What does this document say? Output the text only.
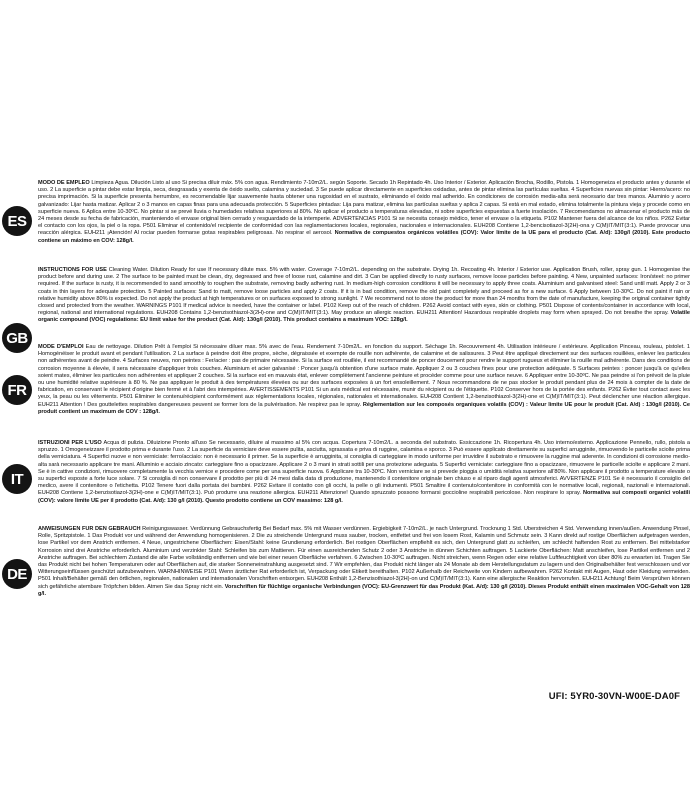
ES

MODO DE EMPLEO Limpieza Agua. Dilución Listo al uso Si precisa diluir máx. 5% con agua. Rendimiento 7-10m2/L. según Soporte. Secado 1h Repintado 4h. Uso Interior / Exterior. Aplicación Brocha, Rodillo, Pistola. 1 Homogeneiza el producto antes y durante el uso. 2 La superficie a pintar debe estar limpia, seca, desgrasada y exenta de óxido suelto, calamina y suciedad. 3 Se puede aplicar directamente en superficies oxidadas, antes de pintar elimina las partículas sueltas. 4 Superficies nuevas sin pintar: Hierro/acero: no precisa imprimación. Si la superficie presenta herrumbre, es recomendable lijar suavemente hasta obtener una rugosidad en el sustrato, eliminando el óxido mal adherido. En condiciones de corrosión media-alta será necesario dar tres manos. Aluminio y acero galvanizado: Lijar hasta matizar. Aplicar 2 o 3 manos en capas finas para una adecuada protección. 5 Superficies pintadas: Lija para matizar, elimina las partículas sueltas y aplica 2 capas. Si está en mal estado, elimina totalmente la pintura vieja y procede como en superficie nueva. 6 Aplica entre 10-30ºC. No pintar si se prevé lluvia o humedades relativas superiores al 80%. No aplicar el producto a temperaturas elevadas, ni sobre superficies expuestas a fuerte insolación. 7 Recomendamos no almacenar el producto más de 24 meses desde su fecha de fabricación, manteniendo el envase original bien cerrado y resguardado de la intemperie. ADVERTENCIAS P101 Si se necesita consejo médico, tener el envase o la etiqueta. P102 Mantener fuera del alcance de los niños. P262 Evitar el contacto con los ojos, la piel o la ropa. P501 Eliminar el contenido/el recipiente de conformidad con las reglamentaciones locales, regionales, nacionales e internacionales. EUH208 Contiene 1,2-bencisotiazol-3(2H)-ona y C(M)IT/MIT(3:1). Puede provocar una reacción alérgica. EUH211 ¡Atención! Al rociar pueden formarse gotas respirables peligrosas. No respirar el aerosol. Normativa de compuestos orgánicos volátiles (COV): Valor límite de la UE para el producto (Cat. A/d): 130g/l (2010). Este producto contiene un máximo en COV: 128g/l.

GB

INSTRUCTIONS FOR USE Cleaning Water. Dilution Ready for use If necessary dilute max. 5% with water. Coverage 7-10m2/L. depending on the substrate. Drying 1h. Recoating 4h. Interior / Exterior use. Application Brush, roller, spray gun. 1 Homogenise the product before and during use. 2 The surface to be painted must be clean, dry, degreased and free of loose rust, calamine and dirt. 3 Can be applied directly to rusty surfaces, remove loose particles before painting. 4 New, unpainted surfaces: Iron/steel: no primer required. If the surface is rusty, it is recommended to sand smoothly to roughen the substrate, removing badly adhering rust. In medium-high corrosion conditions it will be necessary to apply three coats. Aluminium and galvanised steel: Sand until matt. Apply 2 or 3 coats in thin layers for adequate protection. 5 Painted surfaces: Sand to matt, remove loose particles and apply 2 coats. If it is in bad condition, remove the old paint completely and proceed as for a new surface. 6 Apply between 10-30ºC. Do not paint if rain or relative humidity above 80% is expected. Do not apply the product at high temperatures or on surfaces exposed to strong sunlight. 7 We recommend not to store the product for more than 24 months from the date of manufacture, keeping the original container tightly closed and protected from the weather. WARNINGS P101 If medical advice is needed, have the container or label. P102 Keep out of the reach of children. P262 Avoid contact with eyes, skin or clothing. P501 Dispose of contents/container in accordance with local, regional, national and international regulations. EUH208 Contains 1,2-benzisothiazol-3(2H)-one and C(M)IT/MIT(3:1). May produce an allergic reaction. EUH211 Attention! Hazardous respirable droplets may form when sprayed. Do not breathe the spray. Volatile organic compound (VOC) regulations: EU limit value for the product (Cat. A/d): 130g/l (2010). This product contains a maximum VOC: 128g/l.

FR

MODE D'EMPLOI Eau de nettoyage. Dilution Prêt à l'emploi Si nécessaire diluer max. 5% avec de l'eau. Rendement 7-10m2/L. en fonction du support. Séchage 1h. Recouvrement 4h. Utilisation intérieure / extérieure. Application Pinceau, rouleau, pistolet. 1 Homogénéiser le produit avant et pendant l'utilisation. 2 La surface à peindre doit être propre, sèche, dégraissée et exempte de rouille non adhérente, de calamine et de salissures. 3 Peut être appliqué directement sur des surfaces rouillées, enlever les particules non adhérentes avant de peindre. 4 Surfaces neuves, non peintes : Fer/acier : pas de primaire nécessaire. Si la surface est rouillée, il est recommandé de poncer doucement pour rendre le support rugueux et éliminer la rouille mal adhérente. Dans des conditions de corrosion moyenne à élevée, il sera nécessaire d'appliquer trois couches. Aluminium et acier galvanisé : Poncer jusqu'à obtention d'une surface mate. Appliquer 2 ou 3 couches fines pour une protection adéquate. 5 Surfaces peintes : poncer jusqu'à ce qu'elles soient mates, éliminer les particules non adhérentes et appliquer 2 couches. Si la surface est en mauvais état, enlever complètement l'ancienne peinture et procéder comme pour une surface neuve. 6 Appliquer entre 10-30ºC. Ne pas peindre si l'on prévoit de la pluie ou une humidité relative supérieure à 80 %. Ne pas appliquer le produit à des températures élevées ou sur des surfaces exposées à un fort ensoleillement. 7 Nous recommandons de ne pas stocker le produit pendant plus de 24 mois à compter de la date de fabrication, en conservant le récipient d'origine bien fermé et à l'abri des intempéries. AVERTISSEMENTS P101 Si un avis médical est nécessaire, munir du récipient ou de l'étiquette. P102 Conserver hors de la portée des enfants. P262 Éviter tout contact avec les yeux, la peau ou les vêtements. P501 Éliminer le contenu/récipient conformément aux réglementations locales, régionales, nationales et internationales. EUH208 Contient 1,2-benzisothiazol-3(2H)-one et C(M)IT/MIT(3:1). Peut déclencher une réaction allergique. EUH211 Attention ! Des gouttelettes respirables dangereuses peuvent se former lors de la pulvérisation. Ne respirez pas le spray. Réglementation sur les composés organiques volatils (COV) : Valeur limite UE pour le produit (Cat. A/d) : 130g/l (2010). Ce produit contient un maximum de COV : 128g/l.

IT

ISTRUZIONI PER L'USO Acqua di pulizia. Diluizione Pronto all'uso Se necessario, diluire al massimo al 5% con acqua. Copertura 7-10m2/L. a seconda del substrato. Essiccazione 1h. Ricopertura 4h. Uso interno/esterno. Applicazione Pennello, rullo, pistola a spruzzo. 1 Omogeneizzare il prodotto prima e durante l'uso. 2 La superficie da verniciare deve essere pulita, asciutta, sgrassata e priva di ruggine, calamina e sporco. 3 Può essere applicato direttamente su superfici arrugginite, rimuovendo le particelle sciolte prima della verniciatura. 4 Superfici nuove e non verniciate: ferro/acciaio: non è necessario il primer. Se la superficie è arrugginita, si consiglia di carteggiare in modo uniforme per irruvidire il substrato e rimuovere la ruggine mal aderente. In condizioni di corrosione medio-alta sarà necessario applicare tre mani. Alluminio e acciaio zincato: carteggiare fino a opacizzare. Applicare 2 o 3 mani in strati sottili per una protezione adeguata. 5 Superfici verniciate: carteggiare fino a opacizzare, rimuovere le particelle sciolte e applicare 2 mani. Se è in cattive condizioni, rimuovere completamente la vecchia vernice e procedere come per una superficie nuova. 6 Applicare tra 10-30ºC. Non verniciare se si prevede pioggia o umidità relativa superiore all'80%. Non applicare il prodotto a temperature elevate o su superfici esposte a forte luce solare. 7 Si consiglia di non conservare il prodotto per più di 24 mesi dalla data di produzione, mantenendo il contenitore originale ben chiuso e al riparo dagli agenti atmosferici. AVVERTENZE P101 Se è necessario il consiglio del medico, avere il contenitore o l'etichetta. P102 Tenere fuori dalla portata dei bambini. P262 Evitare il contatto con gli occhi, la pelle o gli indumenti. P501 Smaltire il contenuto/contenitore in conformità con le normative locali, regionali, nazionali e internazionali. EUH208 Contiene 1,2-benzisotiazol-3(2H)-one e C(M)IT/MIT(3:1). Può produrre una reazione allergica. EUH211 Attenzione! Quando spruzzato possono formarsi goccioline respirabili pericolose. Non respirare lo spray. Normativa sui composti organici volatili (COV): valore limite UE per il prodotto (Cat. A/d): 130 g/l (2010). Questo prodotto contiene un COV massimo: 128 g/l.

DE

ANWEISUNGEN FÜR DEN GEBRAUCH Reinigungswasser. Verdünnung Gebrauchsfertig Bei Bedarf max. 5% mit Wasser verdünnen. Ergiebigkeit 7-10m2/L. je nach Untergrund. Trocknung 1 Std. Überstreichen 4 Std. Verwendung innen/außen. Anwendung Pinsel, Rolle, Spritzpistole. 1 Das Produkt vor und während der Anwendung homogenisieren. 2 Die zu streichende Untergrund muss sauber, trocken, entfettet und frei von losem Rost, Kalamin und Schmutz sein. 3 Kann direkt auf rostige Oberflächen aufgetragen werden, lose Partikel vor dem Anstrich entfernen. 4 Neue, ungestrichene Oberflächen: Eisen/Stahl: keine Grundierung erforderlich. Bei rostigen Oberflächen empfiehlt es sich, den Untergrund glatt zu schleifen, um schlecht haftenden Rost zu entfernen. Bei mittelstarker Korrosion sind drei Anstriche erforderlich. Aluminium und verzinkter Stahl: Schleifen bis zum Mattieren. Für einen ausreichenden Schutz 2 oder 3 Anstriche in dünnen Schichten auftragen. 5 Lackierte Oberflächen: Matt anschleifen, lose Partikel entfernen und 2 Anstriche auftragen. Bei schlechtem Zustand die alte Farbe vollständig entfernen und wie bei einer neuen Oberfläche verfahren. 6 Zwischen 10-30ºC auftragen. Nicht streichen, wenn Regen oder eine relative Luftfeuchtigkeit von über 80% zu erwarten ist. Tragen Sie das Produkt nicht bei hohen Temperaturen oder auf Oberflächen auf, die starker Sonneneinstrahlung ausgesetzt sind. 7 Wir empfehlen, das Produkt nicht länger als 24 Monate ab dem Herstellungsdatum zu lagern und den Originalbehälter fest verschlossen und vor Witterungseinflüssen geschützt aufzubewahren. WARNHINWEISE P101 Wenn ärztlicher Rat erforderlich ist, Verpackung oder Etikett bereithalten. P102 Außerhalb der Reichweite von Kindern aufbewahren. P262 Kontakt mit Augen, Haut oder Kleidung vermeiden. P501 Inhalt/Behälter gemäß den örtlichen, regionalen, nationalen und internationalen Vorschriften entsorgen. EUH208 Enthält 1,2-Benzisothiazol-3(2H)-on und C(M)IT/MIT(3:1). Kann eine allergische Reaktion hervorrufen. EUH211 Achtung! Beim Versprühen können sich gefährliche atembare Tröpfchen bilden. Atmen Sie das Spray nicht ein. Vorschriften für flüchtige organische Verbindungen (VOC): EU-Grenzwert für das Produkt (Kat. A/d): 130 g/l (2010). Dieses Produkt enthält einen maximalen VOC-Gehalt von 128 g/l.

UFI: 5YR0-30VN-W00E-DA0F
